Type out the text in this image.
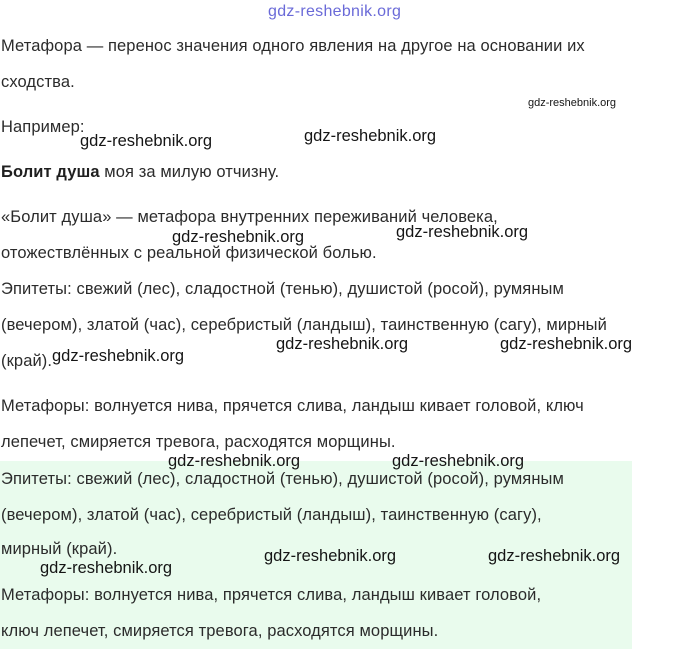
Метафора — перенос значения одного явления на другое на основании их

сходства.

Например:

Болит душа моя за милую отчизну.

«Болит душа» — метафора внутренних переживаний человека,

отожествлённых с реальной физической болью.

Эпитеты: свежий (лес), сладостной (тенью), душистой (росой), румяным

(вечером), златой (час), серебристый (ландыш), таинственную (сагу), мирный

(край).

Метафоры: волнуется нива, прячется слива, ландыш кивает головой, ключ

лепечет, смиряется тревога, расходятся морщины.

Эпитеты: свежий (лес), сладостной (тенью), душистой (росой), румяным

(вечером), златой (час), серебристый (ландыш), таинственную (сагу),

мирный (край).

Метафоры: волнуется нива, прячется слива, ландыш кивает головой,

ключ лепечет, смиряется тревога, расходятся морщины.

gdz-reshebnik.org
gdz-reshebnik.org
gdz-reshebnik.org	gdz-reshebnik.org
gdz-reshebnik.org	gdz-reshebnik.org
gdz-reshebnik.org
gdz-reshebnik.org	gdz-reshebnik.org
gdz-reshebnik.org	gdz-reshebnik.org
gdz-reshebnik.org
gdz-reshebnik.org	gdz-reshebnik.org
